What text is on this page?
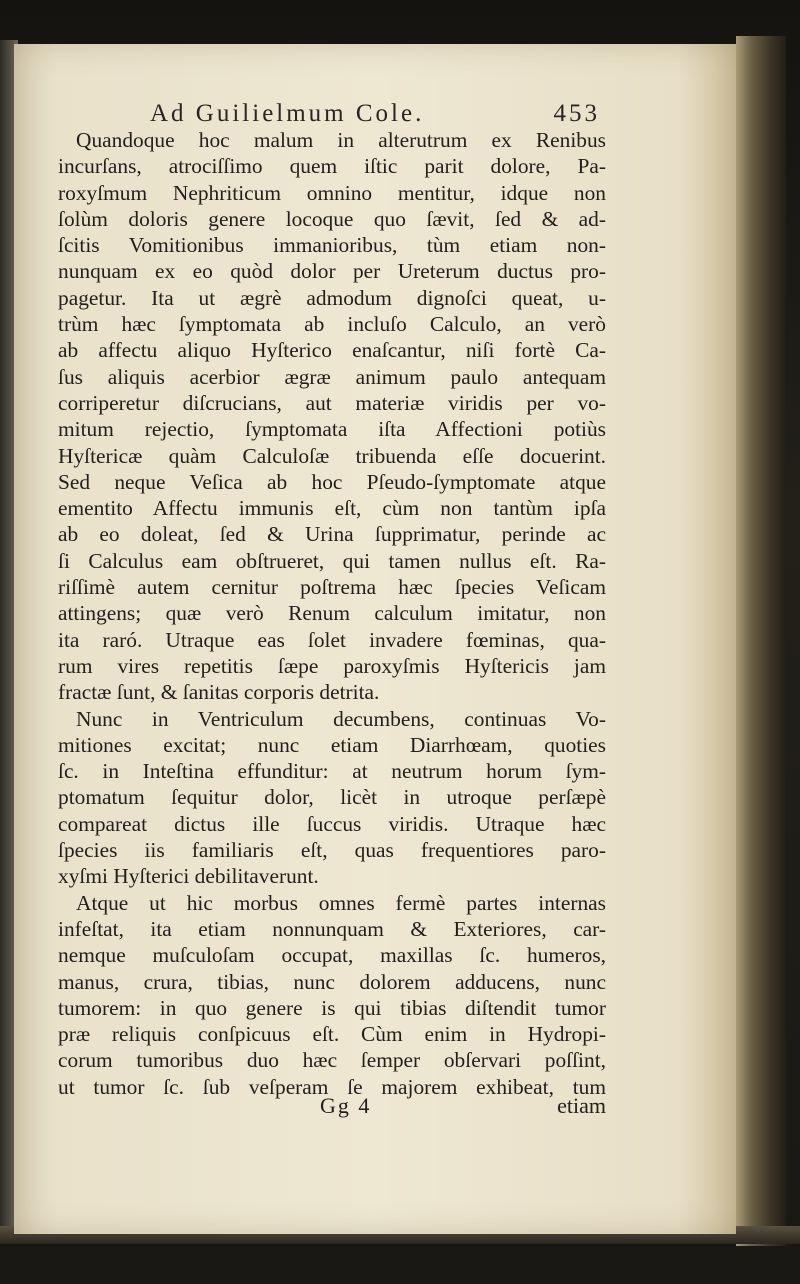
Ad Guilielmum Cole.	453
Quandoque hoc malum in alterutrum ex Renibus
incurſans, atrociſſimo quem iſtic parit dolore, Pa-
roxyſmum Nephriticum omnino mentitur, idque non
ſolùm doloris genere locoque quo ſævit, ſed & ad-
ſcitis Vomitionibus immanioribus, tùm etiam non-
nunquam ex eo quòd dolor per Ureterum ductus pro-
pagetur. Ita ut ægrè admodum dignoſci queat, u-
trùm hæc ſymptomata ab incluſo Calculo, an verò
ab affectu aliquo Hyſterico enaſcantur, niſi fortè Ca-
ſus aliquis acerbior ægræ animum paulo antequam
corriperetur diſcrucians, aut materiæ viridis per vo-
mitum rejectio, ſymptomata iſta Affectioni potiùs
Hyſtericæ quàm Calculoſæ tribuenda eſſe docuerint.
Sed neque Veſica ab hoc Pſeudo-ſymptomate atque
ementito Affectu immunis eſt, cùm non tantùm ipſa
ab eo doleat, ſed & Urina ſupprimatur, perinde ac
ſi Calculus eam obſtrueret, qui tamen nullus eſt. Ra-
riſſimè autem cernitur poſtrema hæc ſpecies Veſicam
attingens; quæ verò Renum calculum imitatur, non
ita raró. Utraque eas ſolet invadere fœminas, qua-
rum vires repetitis ſæpe paroxyſmis Hyſtericis jam
fractæ ſunt, & ſanitas corporis detrita.
Nunc in Ventriculum decumbens, continuas Vo-
mitiones excitat; nunc etiam Diarrhœam, quoties
ſc. in Inteſtina effunditur: at neutrum horum ſym-
ptomatum ſequitur dolor, licèt in utroque perſæpè
compareat dictus ille ſuccus viridis. Utraque hæc
ſpecies iis familiaris eſt, quas frequentiores paro-
xyſmi Hyſterici debilitaverunt.
Atque ut hic morbus omnes fermè partes internas
infeſtat, ita etiam nonnunquam & Exteriores, car-
nemque muſculoſam occupat, maxillas ſc. humeros,
manus, crura, tibias, nunc dolorem adducens, nunc
tumorem: in quo genere is qui tibias diſtendit tumor
præ reliquis conſpicuus eſt. Cùm enim in Hydropi-
corum tumoribus duo hæc ſemper obſervari poſſint,
ut tumor ſc. ſub veſperam ſe majorem exhibeat, tum
Gg 4	etiam
